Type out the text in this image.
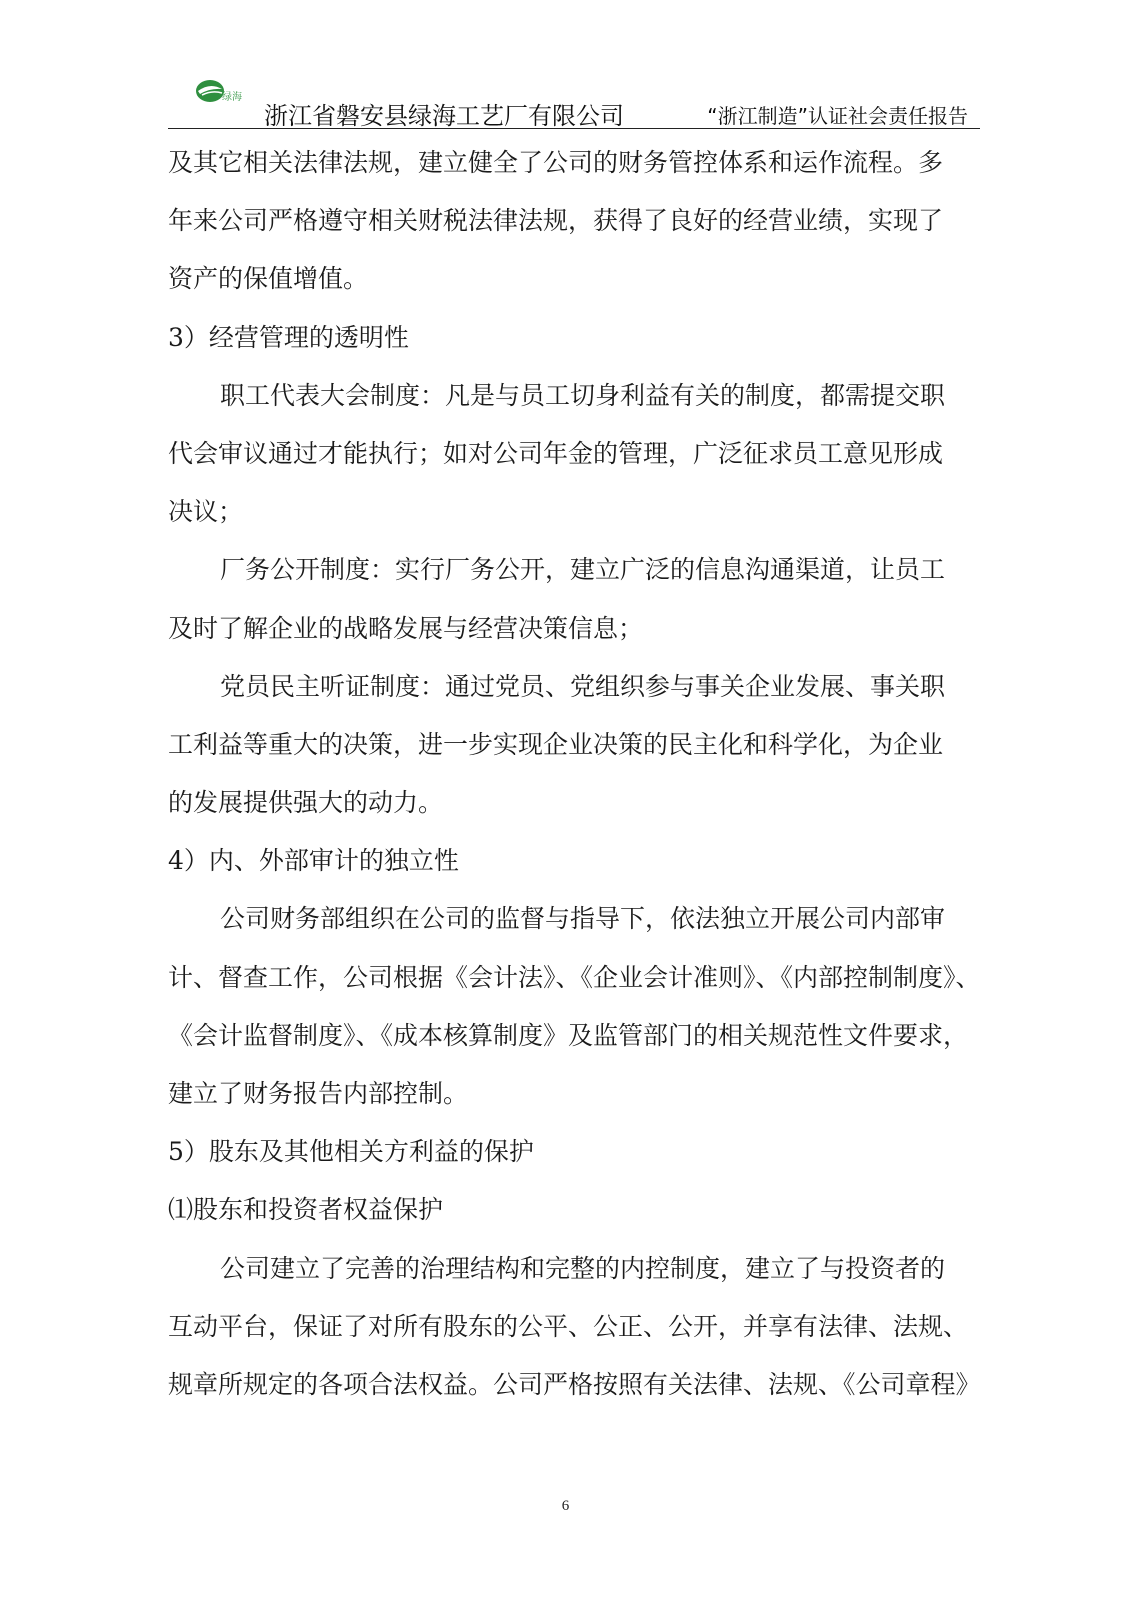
绿海
浙江省磐安县绿海工艺厂有限公司	“浙江制造”认证社会责任报告
及其它相关法律法规，建立健全了公司的财务管控体系和运作流程。多
年来公司严格遵守相关财税法律法规，获得了良好的经营业绩，实现了
资产的保值增值。
3）经营管理的透明性
职工代表大会制度：凡是与员工切身利益有关的制度，都需提交职
代会审议通过才能执行；如对公司年金的管理，广泛征求员工意见形成
决议；
厂务公开制度：实行厂务公开，建立广泛的信息沟通渠道，让员工
及时了解企业的战略发展与经营决策信息；
党员民主听证制度：通过党员、党组织参与事关企业发展、事关职
工利益等重大的决策，进一步实现企业决策的民主化和科学化，为企业
的发展提供强大的动力。
4）内、外部审计的独立性
公司财务部组织在公司的监督与指导下，依法独立开展公司内部审
计、督查工作，公司根据《会计法》、《企业会计准则》、《内部控制制度》、
《会计监督制度》、《成本核算制度》及监管部门的相关规范性文件要求，
建立了财务报告内部控制。
5）股东及其他相关方利益的保护
⑴股东和投资者权益保护
公司建立了完善的治理结构和完整的内控制度，建立了与投资者的
互动平台，保证了对所有股东的公平、公正、公开，并享有法律、法规、
规章所规定的各项合法权益。公司严格按照有关法律、法规、《公司章程》
6
